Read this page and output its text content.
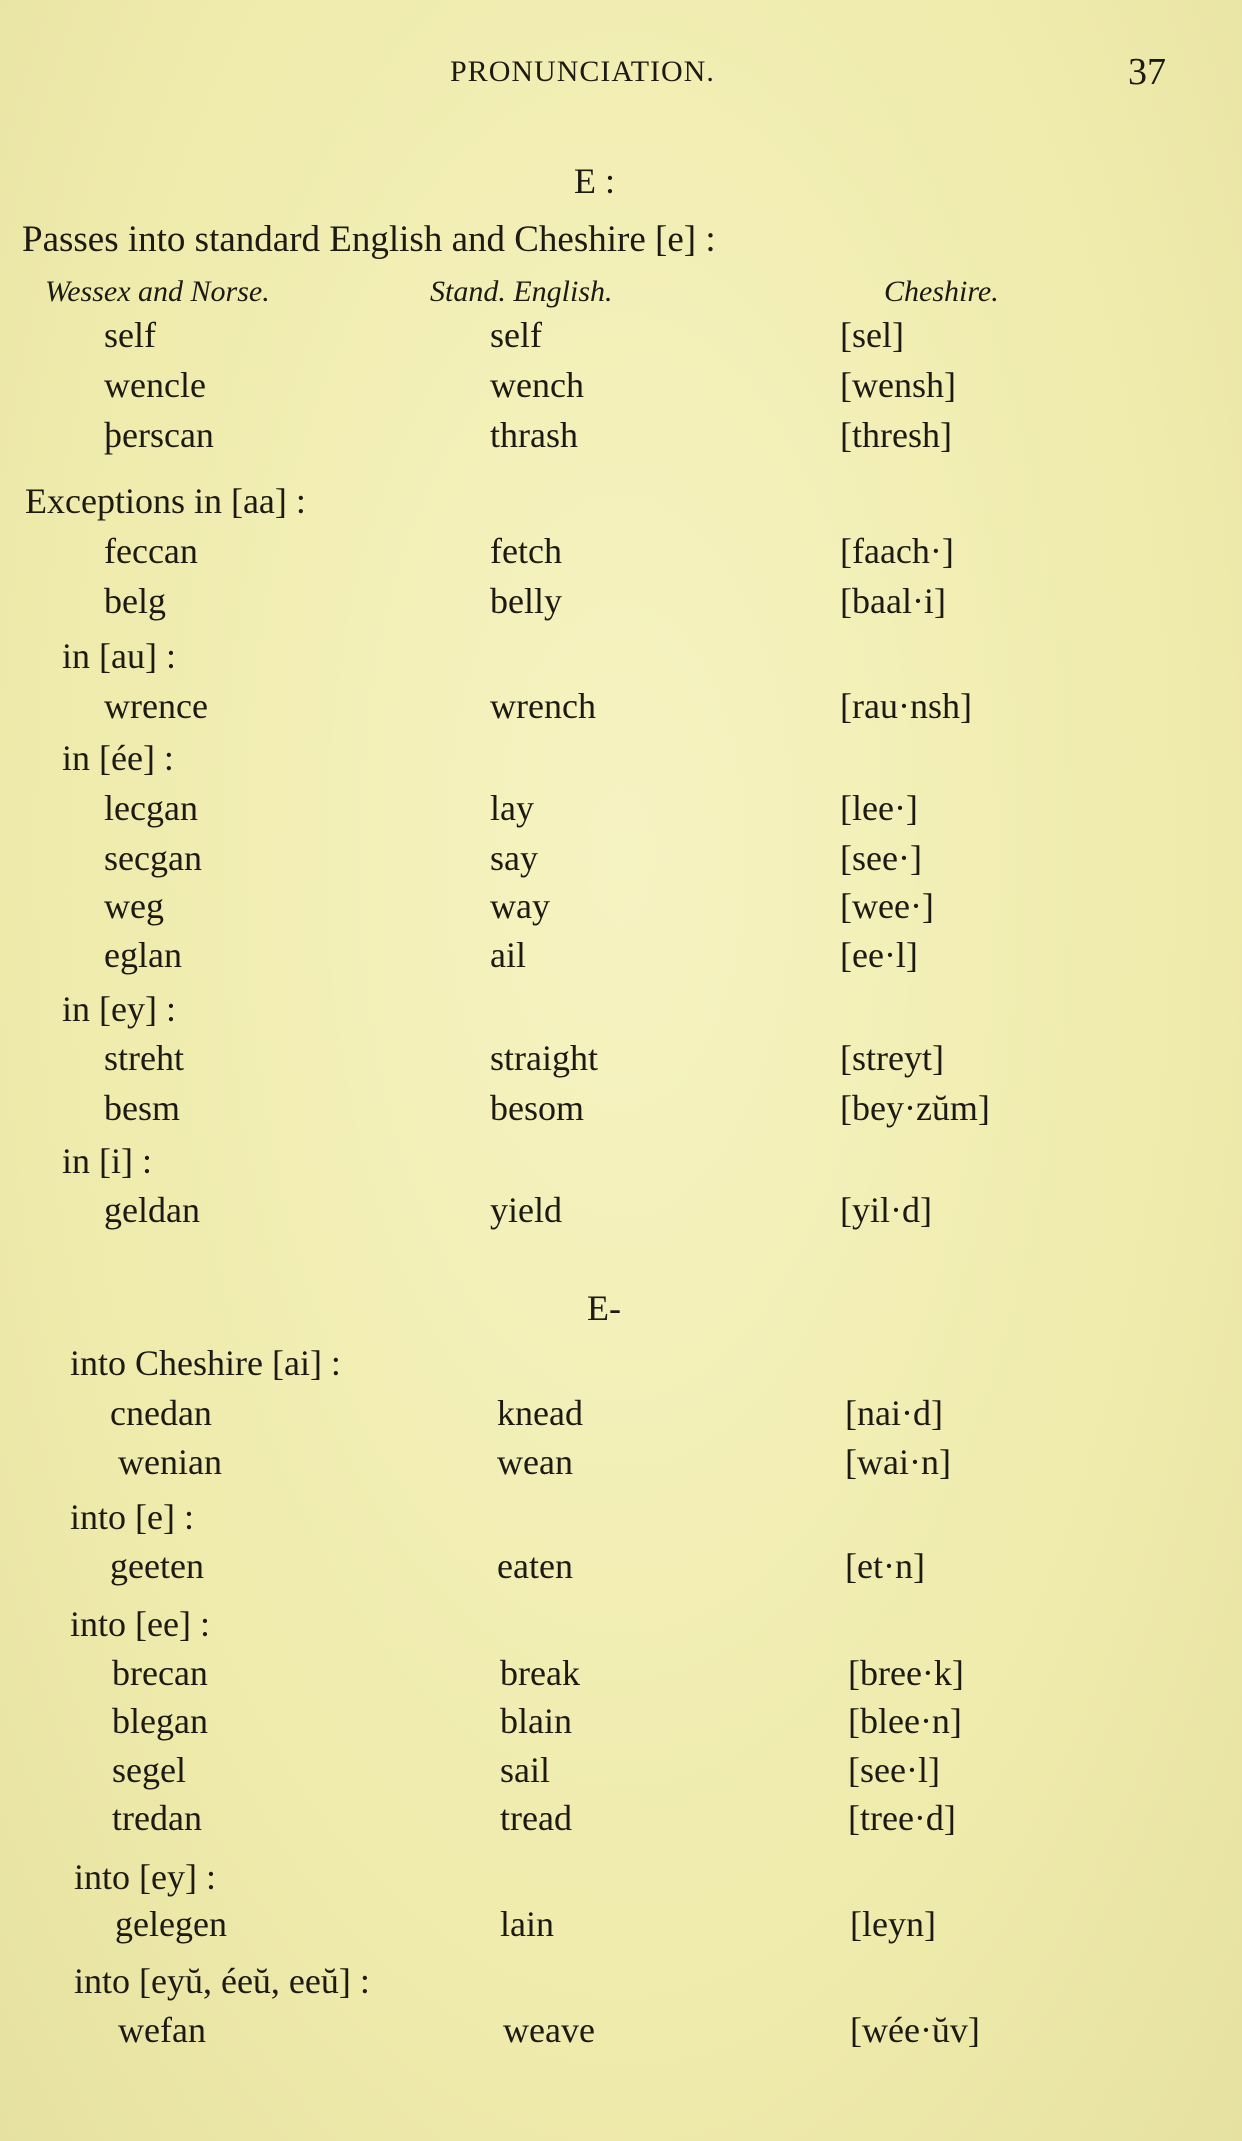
PRONUNCIATION.	37
E :
Passes into standard English and Cheshire [e] :
Wessex and Norse.	Stand. English.	Cheshire.
self	self	[sel]
wencle	wench	[wensh]
þerscan	thrash	[thresh]
Exceptions in [aa] :
feccan	fetch	[faach·]
belg	belly	[baal·i]
in [au] :
wrence	wrench	[rau·nsh]
in [ée] :
lecgan	lay	[lee·]
secgan	say	[see·]
weg	way	[wee·]
eglan	ail	[ee·l]
in [ey] :
streht	straight	[streyt]
besm	besom	[bey·zŭm]
in [i] :
geldan	yield	[yil·d]
E-
into Cheshire [ai] :
cnedan	knead	[nai·d]
wenian	wean	[wai·n]
into [e] :
geeten	eaten	[et·n]
into [ee] :
brecan	break	[bree·k]
blegan	blain	[blee·n]
segel	sail	[see·l]
tredan	tread	[tree·d]
into [ey] :
gelegen	lain	[leyn]
into [eyŭ, éeŭ, eeŭ] :
wefan	weave	[wée·ŭv]
